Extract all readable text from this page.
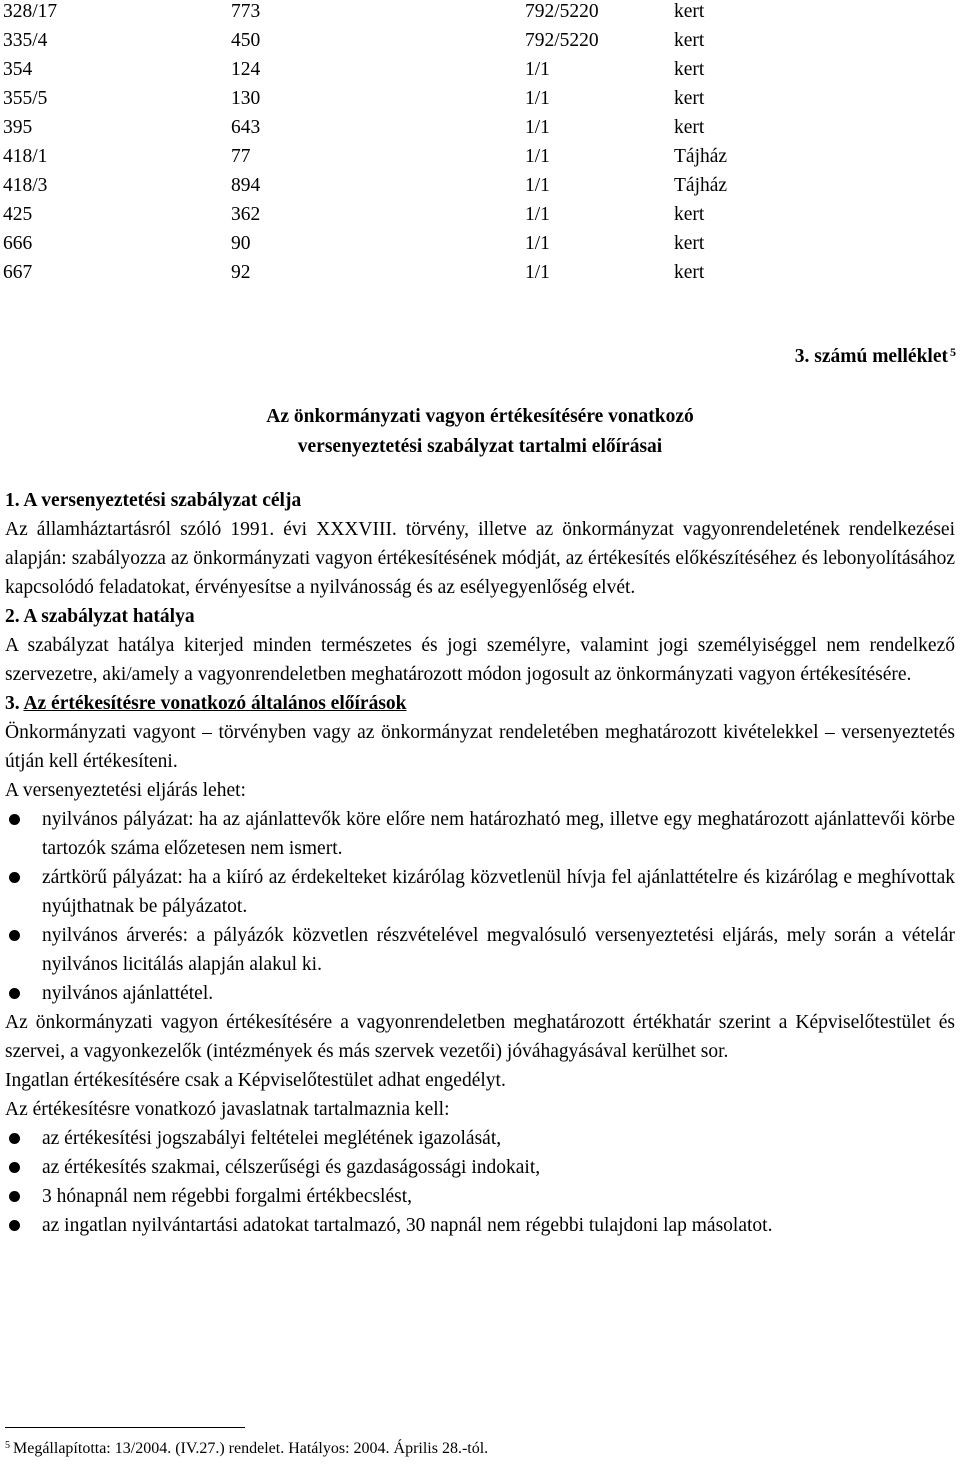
328/17	773	792/5220	kert
335/4	450	792/5220	kert
354	124	1/1	kert
355/5	130	1/1	kert
395	643	1/1	kert
418/1	77	1/1	Tájház
418/3	894	1/1	Tájház
425	362	1/1	kert
666	90	1/1	kert
667	92	1/1	kert
3. számú melléklet $^5$
Az önkormányzati vagyon értékesítésére vonatkozó
versenyeztetési szabályzat tartalmi előírásai
1. A versenyeztetési szabályzat célja
Az államháztartásról szóló 1991. évi XXXVIII. törvény, illetve az önkormányzat vagyonrendeletének rendelkezései alapján: szabályozza az önkormányzati vagyon értékesítésének módját, az értékesítés előkészítéséhez és lebonyolításához kapcsolódó feladatokat, érvényesítse a nyilvánosság és az esélyegyenlőség elvét.
2. A szabályzat hatálya
A szabályzat hatálya kiterjed minden természetes és jogi személyre, valamint jogi személyiséggel nem rendelkező szervezetre, aki/amely a vagyonrendeletben meghatározott módon jogosult az önkormányzati vagyon értékesítésére.
3. Az értékesítésre vonatkozó általános előírások
Önkormányzati vagyont – törvényben vagy az önkormányzat rendeletében meghatározott kivételekkel – versenyeztetés útján kell értékesíteni.
A versenyeztetési eljárás lehet:
nyilvános pályázat: ha az ajánlattevők köre előre nem határozható meg, illetve egy meghatározott ajánlattevői körbe tartozók száma előzetesen nem ismert.
zártkörű pályázat: ha a kiíró az érdekelteket kizárólag közvetlenül hívja fel ajánlattételre és kizárólag e meghívottak nyújthatnak be pályázatot.
nyilvános árverés: a pályázók közvetlen részvételével megvalósuló versenyeztetési eljárás, mely során a vételár nyilvános licitálás alapján alakul ki.
nyilvános ajánlattétel.
Az önkormányzati vagyon értékesítésére a vagyonrendeletben meghatározott értékhatár szerint a Képviselőtestület és szervei, a vagyonkezelők (intézmények és más szervek vezetői) jóváhagyásával kerülhet sor.
Ingatlan értékesítésére csak a Képviselőtestület adhat engedélyt.
Az értékesítésre vonatkozó javaslatnak tartalmaznia kell:
az értékesítési jogszabályi feltételei meglétének igazolását,
az értékesítés szakmai, célszerűségi és gazdaságossági indokait,
3 hónapnál nem régebbi forgalmi értékbecslést,
az ingatlan nyilvántartási adatokat tartalmazó, 30 napnál nem régebbi tulajdoni lap másolatot.
$^5$ Megállapította: 13/2004. (IV.27.) rendelet. Hatályos: 2004. Április 28.-tól.
